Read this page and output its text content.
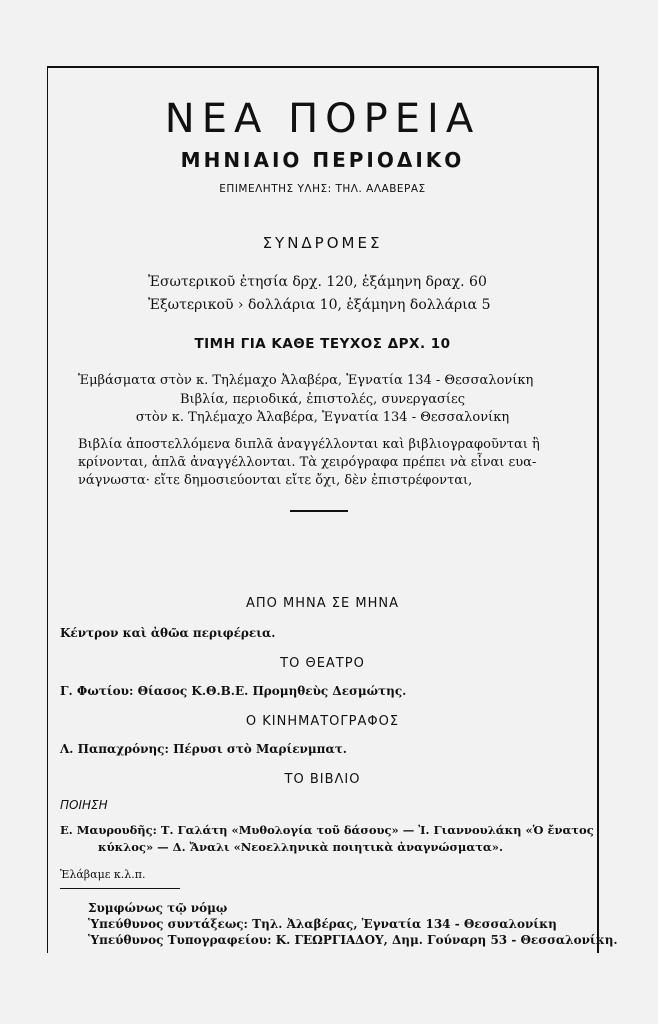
ΝΕΑ ΠΟΡΕΙΑ
ΜΗΝΙΑΙΟ ΠΕΡΙΟΔΙΚΟ
ΕΠΙΜΕΛΗΤΗΣ ΥΛΗΣ: ΤΗΛ. ΑΛΑΒΕΡΑΣ
ΣΥΝΔΡΟΜΕΣ
Ἐσωτερικοῦ ἐτησία δρχ. 120, ἑξάμηνη δραχ. 60
Ἐξωτερικοῦ › δολλάρια 10, ἑξάμηνη δολλάρια 5
ΤΙΜΗ ΓΙΑ ΚΑΘΕ ΤΕΥΧΟΣ ΔΡΧ. 10
Ἐμβάσματα στὸν κ. Τηλέμαχο Ἀλαβέρα, Ἐγνατία 134 - Θεσσαλονίκη
Βιβλία, περιοδικά, ἐπιστολές, συνεργασίες
στὸν κ. Τηλέμαχο Ἀλαβέρα, Ἐγνατία 134 - Θεσσαλονίκη
Βιβλία ἀποστελλόμενα διπλᾶ ἀναγγέλλονται καὶ βιβλιογραφοῦνται ἢ
κρίνονται, ἁπλᾶ ἀναγγέλλονται. Τὰ χειρόγραφα πρέπει νὰ εἶναι ευα-
νάγνωστα· εἴτε δημοσιεύονται εἴτε ὄχι, δὲν ἐπιστρέφονται,
ΑΠΟ ΜΗΝΑ ΣΕ ΜΗΝΑ
Κέντρον καὶ ἀθῶα περιφέρεια.
ΤΟ ΘΕΑΤΡΟ
Γ. Φωτίου: Θίασος Κ.Θ.Β.Ε. Προμηθεὺς Δεσμώτης.
Ο ΚΙΝΗΜΑΤΟΓΡΑΦΟΣ
Λ. Παπαχρόνης: Πέρυσι στὸ Μαρίενμπατ.
ΤΟ ΒΙΒΛΙΟ
ΠΟΙΗΣΗ
Ε. Μαυρουδῆς: Τ. Γαλάτη «Μυθολογία τοῦ δάσους» — Ἰ. Γιαννουλάκη «Ὁ ἔνατος
κύκλος» — Δ. Ἄναλι «Νεοελληνικὰ ποιητικὰ ἀναγνώσματα».
Ἐλάβαμε κ.λ.π.
Συμφώνως τῷ νόμῳ
Ὑπεύθυνος συντάξεως: Τηλ. Ἀλαβέρας, Ἐγνατία 134 - Θεσσαλονίκη
Ὑπεύθυνος Τυπογραφείου: Κ. ΓΕΩΡΓΙΑΔΟΥ, Δημ. Γούναρη 53 - Θεσσαλονίκη.
